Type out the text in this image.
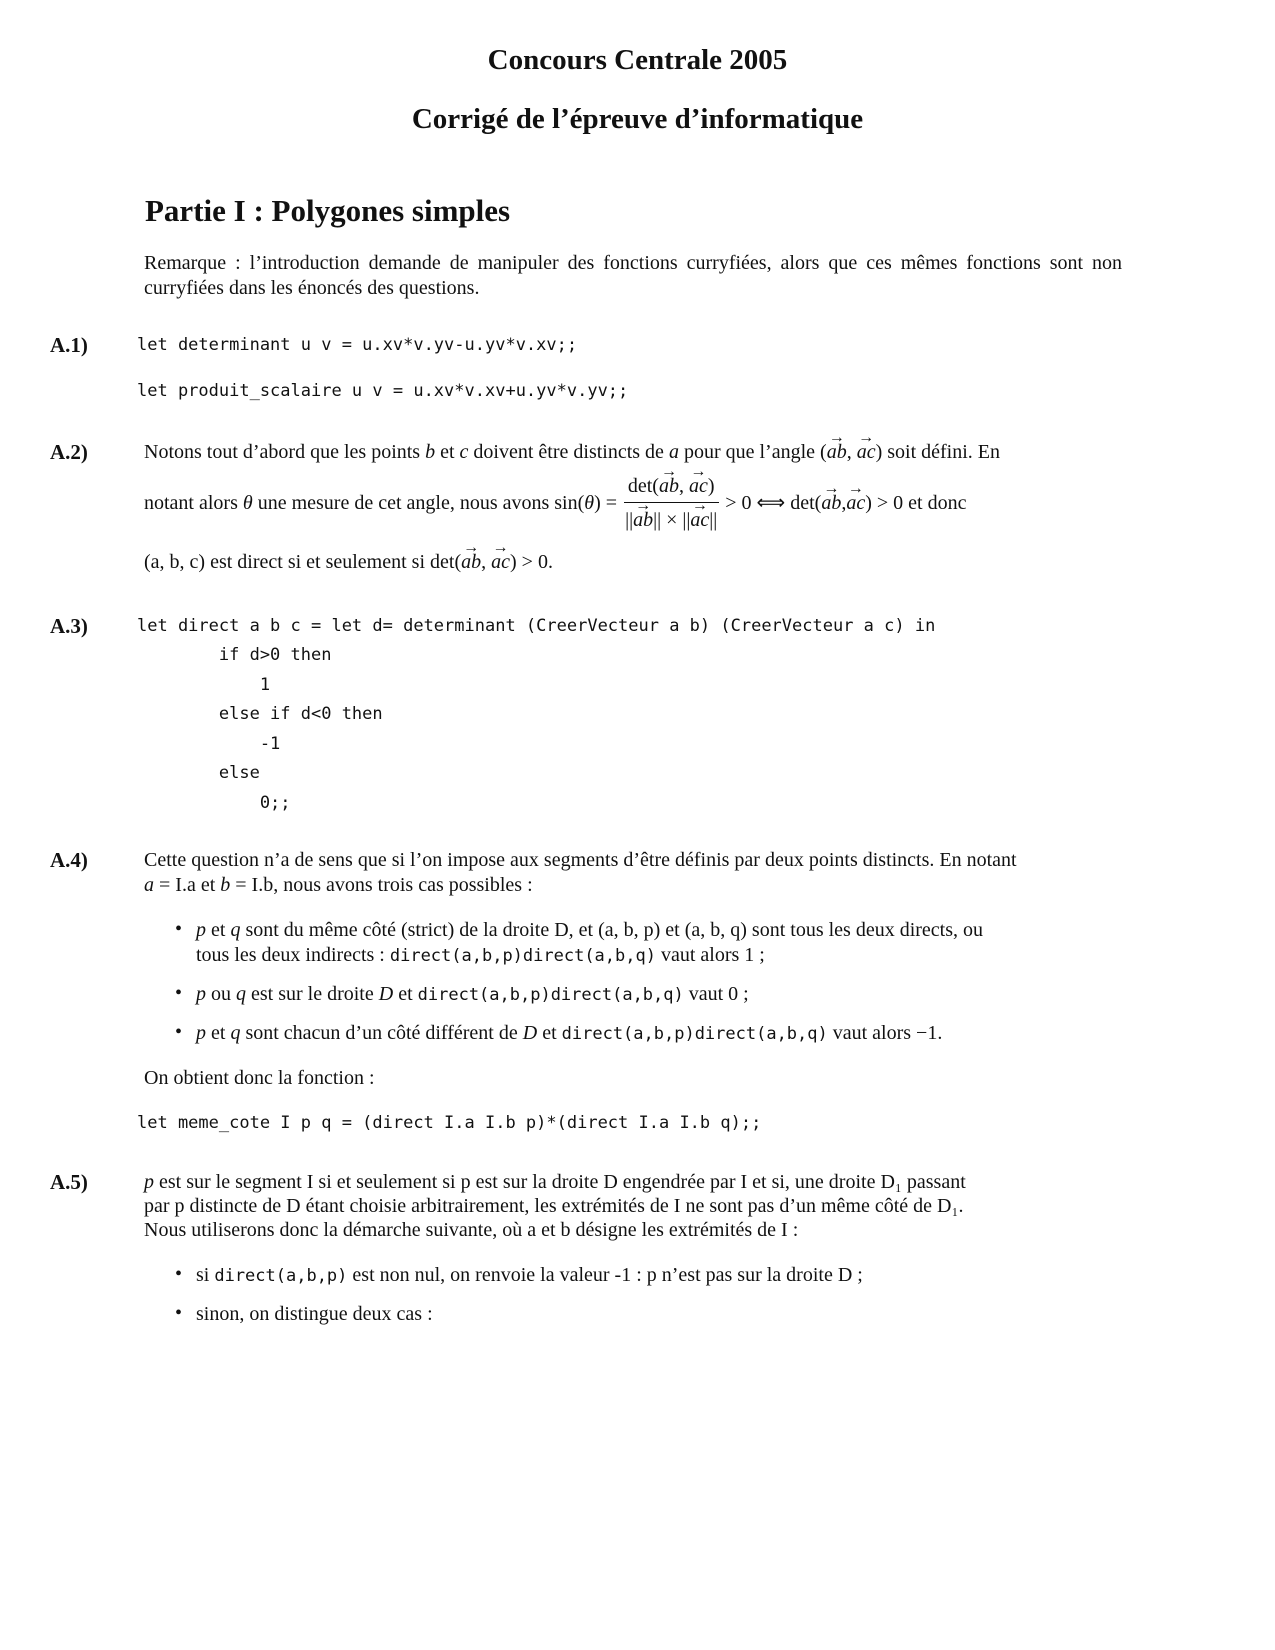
Concours Centrale 2005
Corrigé de l’épreuve d’informatique
Partie I : Polygones simples
Remarque : l’introduction demande de manipuler des fonctions curryfiées, alors que ces mêmes fonctions sont non curryfiées dans les énoncés des questions.
A.1)	let determinant u v = u.xv*v.yv-u.yv*v.xv;;
let produit_scalaire u v = u.xv*v.xv+u.yv*v.yv;;
A.2)	Notons tout d’abord que les points b et c doivent être distincts de a pour que l’angle (→ ab, → ac) soit défini. En
notant alors
θ
une mesure de cet angle, nous avons sin( θ ) = $\frac{\det(\to ab, \to ac)}{||\to ab|| \times ||\to ac||} > 0$ ⟺ det( → ab , → ac ) > 0 et donc
(a, b, c) est direct si et seulement si det(→ ab, → ac) > 0.
A.3)	let direct a b c = let d= determinant (CreerVecteur a b) (CreerVecteur a c) in
if d>0 then
1
else if d<0 then
-1
else
0;;
A.4)	Cette question n’a de sens que si l’on impose aux segments d’être définis par deux points distincts. En notant
a = I.a et b = I.b, nous avons trois cas possibles :
• p et q sont du même côté (strict) de la droite D, et (a, b, p) et (a, b, q) sont tous les deux directs, ou
tous les deux indirects : direct(a,b,p)direct(a,b,q) vaut alors 1 ;
• p ou q est sur le droite D et direct(a,b,p)direct(a,b,q) vaut 0 ;
• p et q sont chacun d’un côté différent de D et direct(a,b,p)direct(a,b,q) vaut alors −1.
On obtient donc la fonction :
let meme_cote I p q = (direct I.a I.b p)*(direct I.a I.b q);;
A.5)	p est sur le segment I si et seulement si p est sur la droite D engendrée par I et si, une droite D₁ passant
par p distincte de D étant choisie arbitrairement, les extrémités de I ne sont pas d’un même côté de D₁.
Nous utiliserons donc la démarche suivante, où a et b désigne les extrémités de I :
• si direct(a,b,p) est non nul, on renvoie la valeur -1 : p n’est pas sur la droite D ;
• sinon, on distingue deux cas :
